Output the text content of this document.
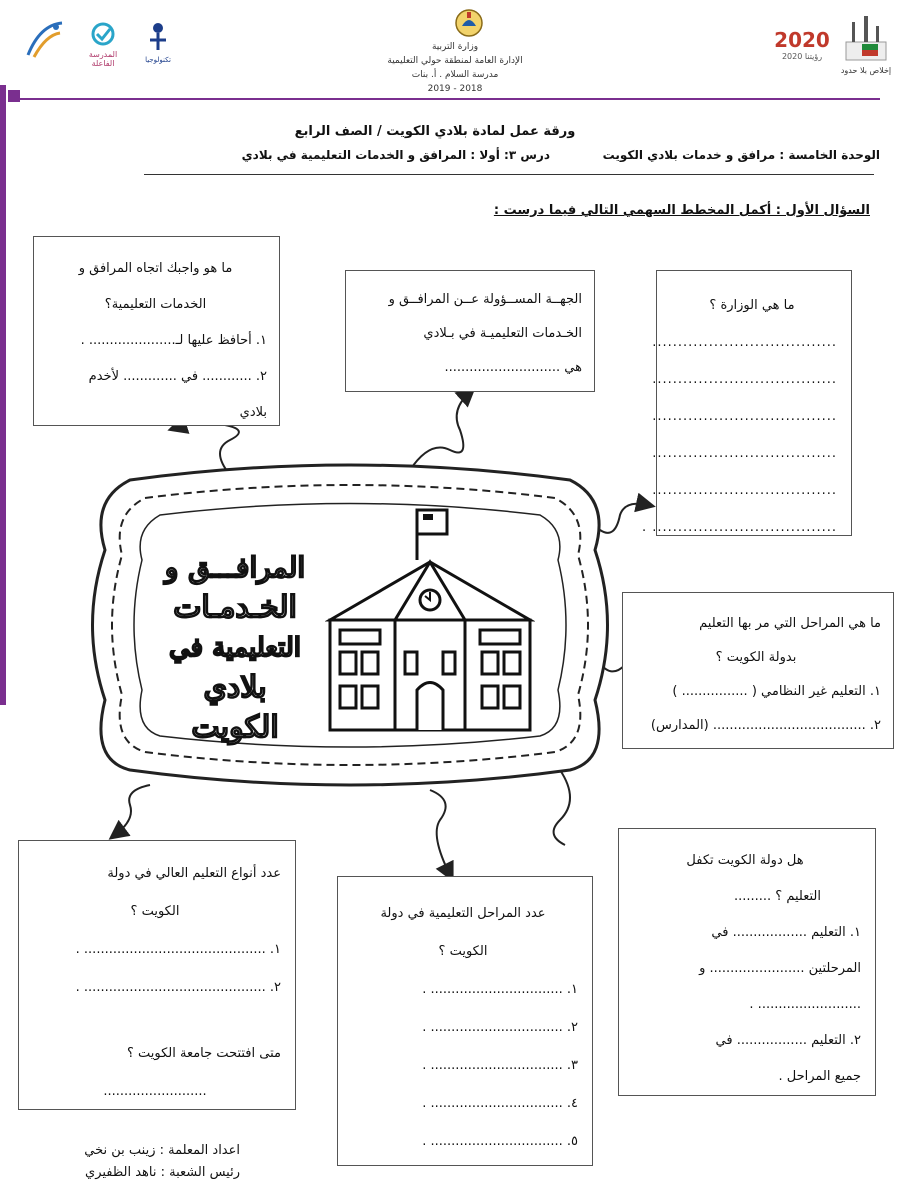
المدرسة الفاعلة	تكنولوجيا
وزارة التربية
الإدارة العامة لمنطقة حولي التعليمية
مدرسة السلام . أ. بنات
2018 - 2019
2020
رؤيتنا 2020
إخلاص بلا حدود
ورقة عمل لمادة بلادي الكويت / الصف الرابع
الوحدة الخامسة : مرافق و خدمات بلادي الكويت
درس ٣: أولا : المرافق و الخدمات التعليمية في بلادي
السؤال الأول : أكمل المخطط السهمي التالي فيما درست :
المرافـــق و
الخـدمـات
التعليمية في
بلادي
الكويت

ما هو واجبك اتجاه المرافق و

الخدمات التعليمية؟

١. أحافظ عليها لـ..................... .

٢. ............ في ............. لأخدم

بلادي

الجهــة المســؤولة عــن المرافــق و

الخـدمات التعليميـة في بـلادي

هي ............................

ما هي الوزارة ؟

....................................

....................................

....................................

....................................

....................................

.................................... .

ما هي المراحل التي مر بها التعليم

بدولة الكويت ؟

١. التعليم غير النظامي ( ................ )

٢. ..................................... (المدارس)

عدد أنواع التعليم العالي في دولة

الكويت ؟

١. ............................................ .

٢. ............................................ .

متى افتتحت جامعة الكويت ؟

.........................

عدد المراحل التعليمية في دولة

الكويت ؟

١. ................................ .

٢. ................................ .

٣. ................................ .

٤. ................................ .

٥. ................................ .

هل دولة الكويت تكفل

التعليم ؟ .........

١. التعليم .................. في

المرحلتين ....................... و

......................... .

٢. التعليم ................. في

جميع المراحل .

اعداد المعلمة : زينب بن نخي
رئيس الشعبة : ناهد الظفيري
